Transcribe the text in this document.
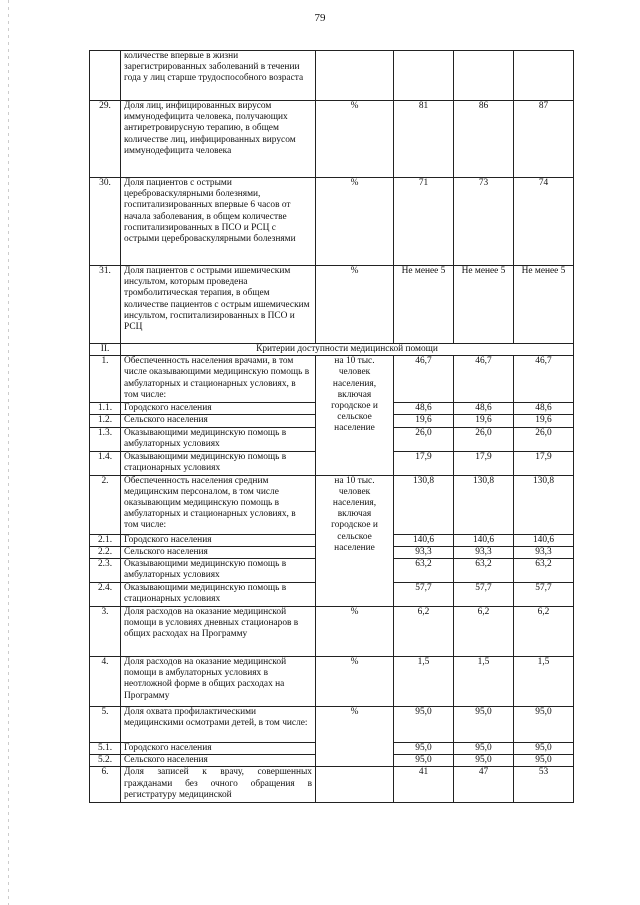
79
	количестве впервые в жизни зарегистрированных заболеваний в течении года у лиц старше трудоспособного возраста				
29.	Доля лиц, инфицированных вирусом иммунодефицита человека, получающих антиретровирусную терапию, в общем количестве лиц, инфицированных вирусом иммунодефицита человека	%	81	86	87
30.	Доля пациентов с острыми цереброваскулярными болезнями, госпитализированных впервые 6 часов от начала заболевания, в общем количестве госпитализированных в ПСО и РСЦ с острыми цереброваскулярными болезнями	%	71	73	74
31.	Доля пациентов с острыми ишемическим инсультом, которым проведена тромболитическая терапия, в общем количестве пациентов с острым ишемическим инсультом, госпитализированных в ПСО и РСЦ	%	Не менее 5	Не менее 5	Не менее 5
II.	Критерии доступности медицинской помощи				
1.	Обеспеченность населения врачами, в том числе оказывающими медицинскую помощь в амбулаторных и стационарных условиях, в том числе:	на 10 тыс. человек населения, включая городское и сельское население	46,7	46,7	46,7
1.1.	Городского населения		48,6	48,6	48,6
1.2.	Сельского населения		19,6	19,6	19,6
1.3.	Оказывающими медицинскую помощь в амбулаторных условиях		26,0	26,0	26,0
1.4.	Оказывающими медицинскую помощь в стационарных условиях		17,9	17,9	17,9
2.	Обеспеченность населения средним медицинским персоналом, в том числе оказывающим медицинскую помощь в амбулаторных и стационарных условиях, в том числе:	на 10 тыс. человек населения, включая городское и сельское население	130,8	130,8	130,8
2.1.	Городского населения		140,6	140,6	140,6
2.2.	Сельского населения		93,3	93,3	93,3
2.3.	Оказывающими медицинскую помощь в амбулаторных условиях		63,2	63,2	63,2
2.4.	Оказывающими медицинскую помощь в стационарных условиях		57,7	57,7	57,7
3.	Доля расходов на оказание медицинской помощи в условиях дневных стационаров в общих расходах на Программу	%	6,2	6,2	6,2
4.	Доля расходов на оказание медицинской помощи в амбулаторных условиях в неотложной форме в общих расходах на Программу	%	1,5	1,5	1,5
5.	Доля охвата профилактическими медицинскими осмотрами детей, в том числе:	%	95,0	95,0	95,0
5.1.	Городского населения		95,0	95,0	95,0
5.2.	Сельского населения		95,0	95,0	95,0
6.	Доля записей к врачу, совершенных гражданами без очного обращения в регистратуру медицинской		41	47	53
